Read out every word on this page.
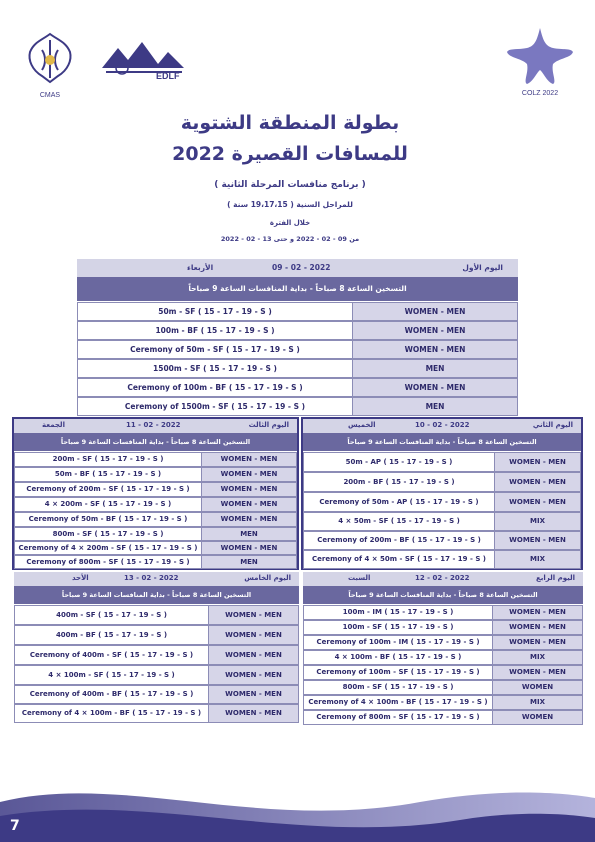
CMAS
EDLF
COLZ 2022
بطولة المنطقة الشتوية
للمسافات القصيرة 2022
( برنامج منافسات المرحلة الثانية )
للمراحل السنية ( 19،17،15 سنة )
خلال الفترة
من 09 - 02 - 2022 و حتى 13 - 02 - 2022
الأربعاء	09 - 02 - 2022	اليوم الأول
التسخين الساعة 8 صباحاً - بداية المنافسات الساعة 9 صباحاً
50m - SF ( 15 - 17 - 19 - S )	WOMEN - MEN
100m - BF ( 15 - 17 - 19 - S )	WOMEN - MEN
Ceremony of 50m - SF ( 15 - 17 - 19 - S )	WOMEN - MEN
1500m - SF ( 15 - 17 - 19 - S )	MEN
Ceremony of 100m - BF ( 15 - 17 - 19 - S )	WOMEN - MEN
Ceremony of 1500m - SF ( 15 - 17 - 19 - S )	MEN
الجمعة	11 - 02 - 2022	اليوم الثالث
التسخين الساعة 8 صباحاً - بداية المنافسات الساعة 9 صباحاً
200m - SF ( 15 - 17 - 19 - S )	WOMEN - MEN
50m - BF ( 15 - 17 - 19 - S )	WOMEN - MEN
Ceremony of 200m - SF ( 15 - 17 - 19 - S )	WOMEN - MEN
4 × 200m - SF ( 15 - 17 - 19 - S )	WOMEN - MEN
Ceremony of 50m - BF ( 15 - 17 - 19 - S )	WOMEN - MEN
800m - SF ( 15 - 17 - 19 - S )	MEN
Ceremony of 4 × 200m - SF ( 15 - 17 - 19 - S )	WOMEN - MEN
Ceremony of 800m - SF ( 15 - 17 - 19 - S )	MEN
الخميس	10 - 02 - 2022	اليوم الثاني
التسخين الساعة 8 صباحاً - بداية المنافسات الساعة 9 صباحاً
50m - AP ( 15 - 17 - 19 - S )	WOMEN - MEN
200m - BF ( 15 - 17 - 19 - S )	WOMEN - MEN
Ceremony of 50m - AP ( 15 - 17 - 19 - S )	WOMEN - MEN
4 × 50m - SF ( 15 - 17 - 19 - S )	MIX
Ceremony of 200m - BF ( 15 - 17 - 19 - S )	WOMEN - MEN
Ceremony of 4 × 50m - SF ( 15 - 17 - 19 - S )	MIX
الأحد	13 - 02 - 2022	اليوم الخامس
التسخين الساعة 8 صباحاً - بداية المنافسات الساعة 9 صباحاً
400m - SF ( 15 - 17 - 19 - S )	WOMEN - MEN
400m - BF ( 15 - 17 - 19 - S )	WOMEN - MEN
Ceremony of 400m - SF ( 15 - 17 - 19 - S )	WOMEN - MEN
4 × 100m - SF ( 15 - 17 - 19 - S )	WOMEN - MEN
Ceremony of 400m - BF ( 15 - 17 - 19 - S )	WOMEN - MEN
Ceremony of 4 × 100m - BF ( 15 - 17 - 19 - S )	WOMEN - MEN
السبت	12 - 02 - 2022	اليوم الرابع
التسخين الساعة 8 صباحاً - بداية المنافسات الساعة 9 صباحاً
100m - IM ( 15 - 17 - 19 - S )	WOMEN - MEN
100m - SF ( 15 - 17 - 19 - S )	WOMEN - MEN
Ceremony of 100m - IM ( 15 - 17 - 19 - S )	WOMEN - MEN
4 × 100m - BF ( 15 - 17 - 19 - S )	MIX
Ceremony of 100m - SF ( 15 - 17 - 19 - S )	WOMEN - MEN
800m - SF ( 15 - 17 - 19 - S )	WOMEN
Ceremony of 4 × 100m - BF ( 15 - 17 - 19 - S )	MIX
Ceremony of 800m - SF ( 15 - 17 - 19 - S )	WOMEN
7
